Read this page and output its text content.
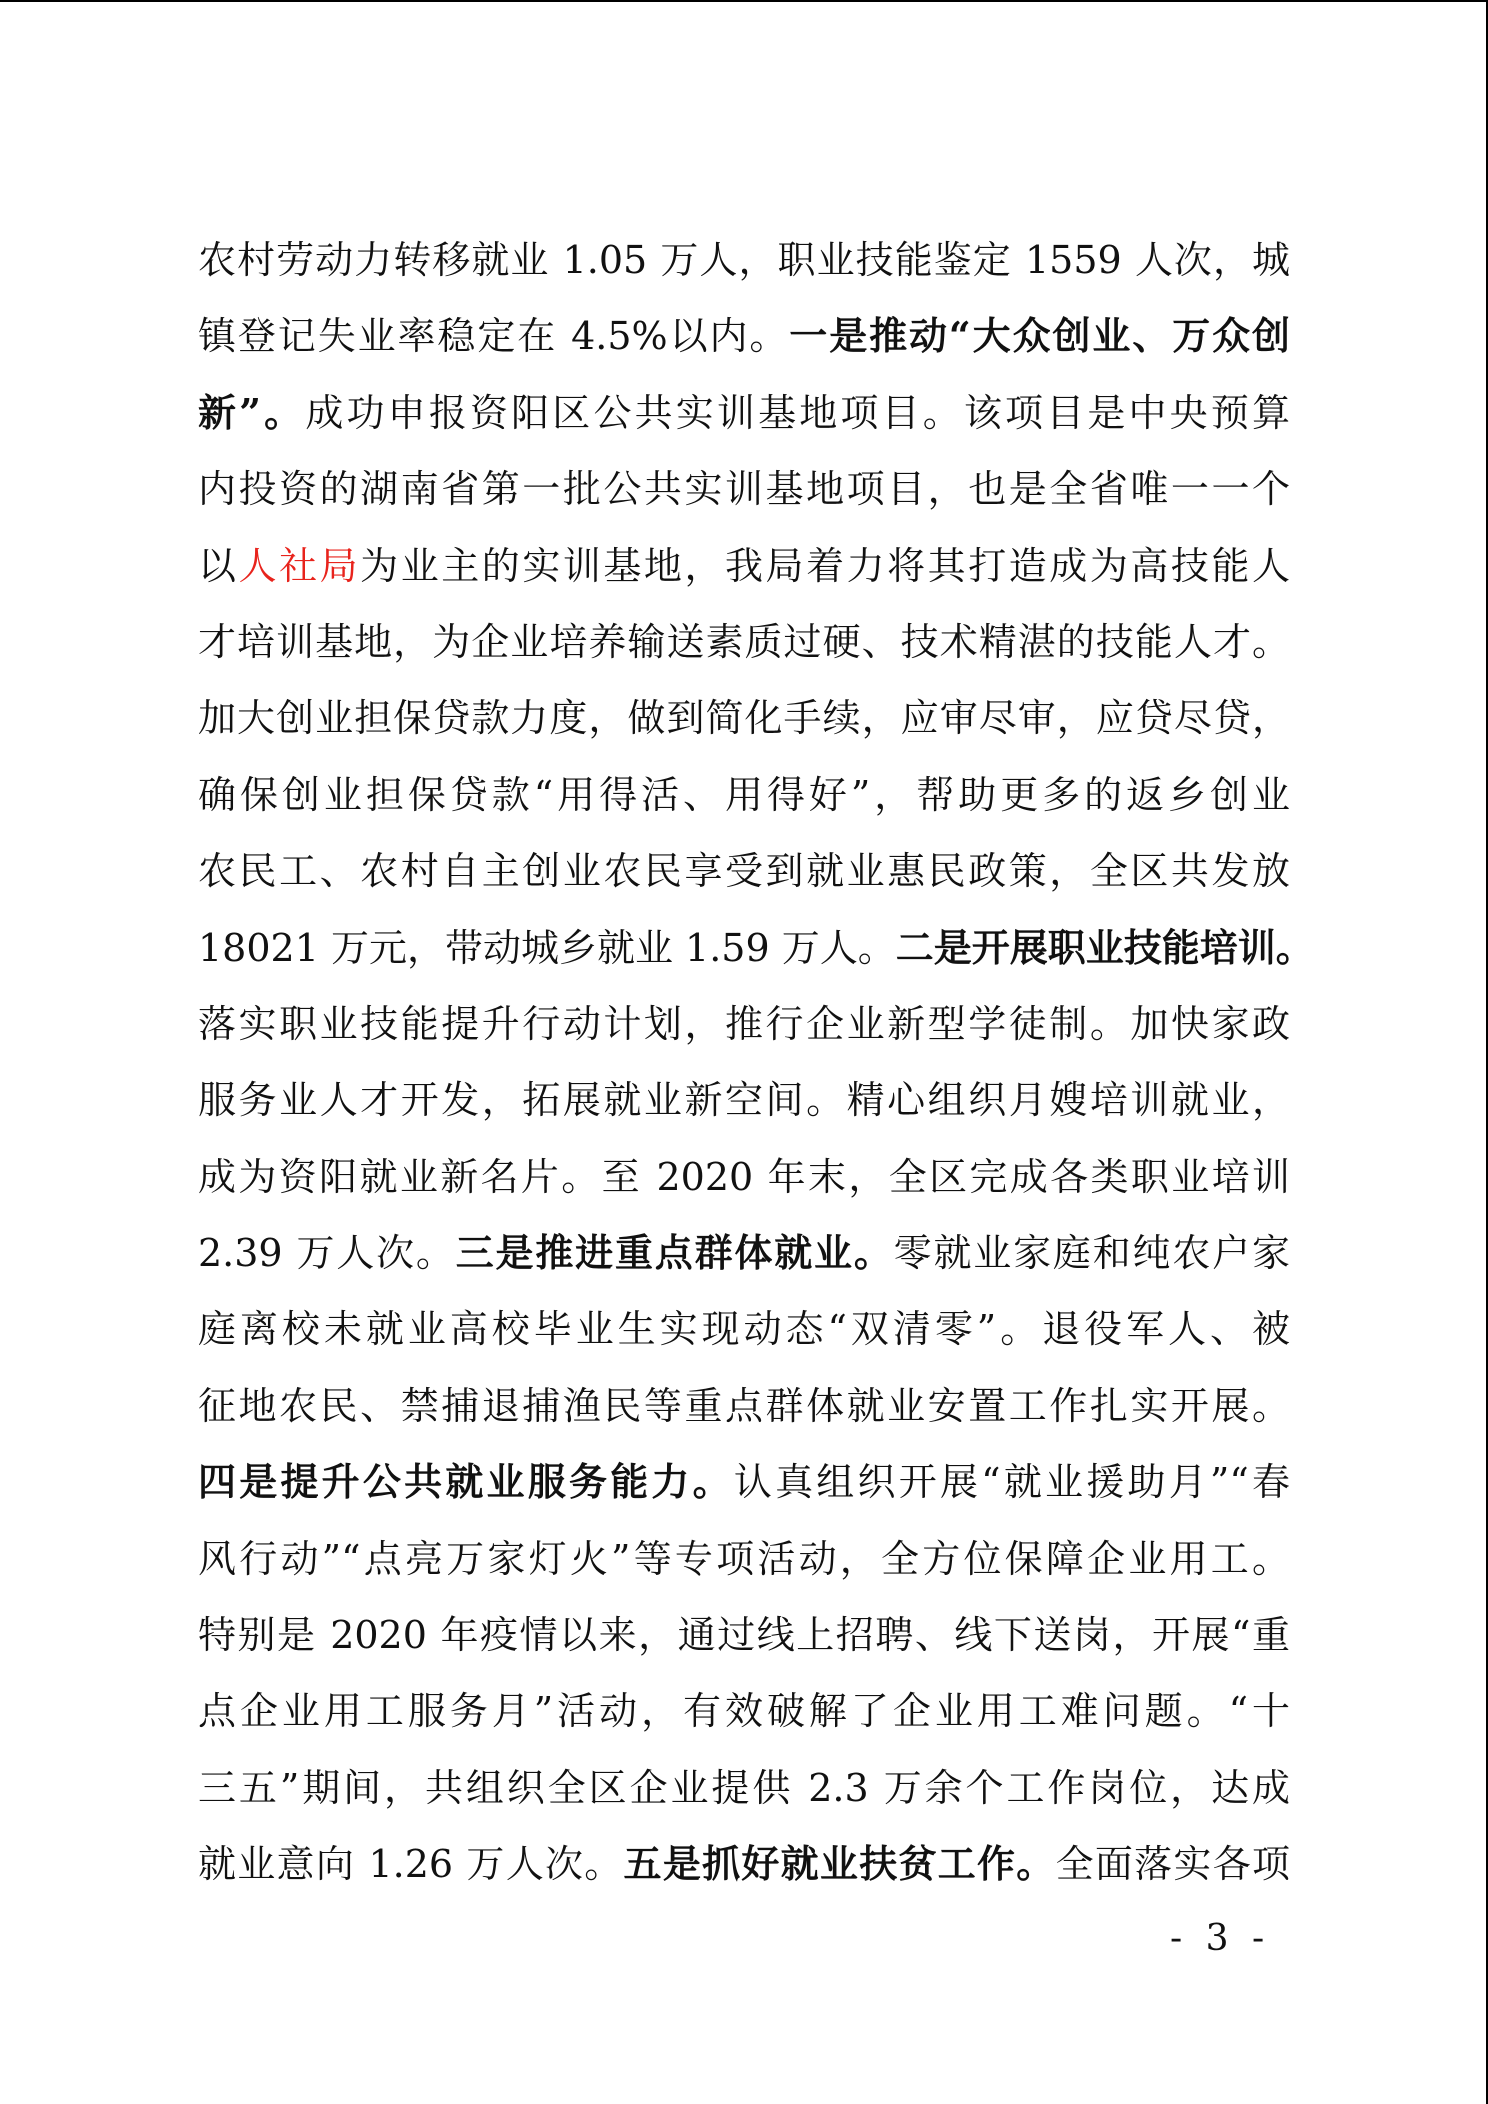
农村劳动力转移就业 1.05 万人，职业技能鉴定 1559 人次，城
镇登记失业率稳定在 4.5%以内。一是推动“大众创业、万众创
新”。成功申报资阳区公共实训基地项目。该项目是中央预算
内投资的湖南省第一批公共实训基地项目，也是全省唯一一个
以人社局为业主的实训基地，我局着力将其打造成为高技能人
才培训基地，为企业培养输送素质过硬、技术精湛的技能人才。
加大创业担保贷款力度，做到简化手续，应审尽审，应贷尽贷，
确保创业担保贷款“用得活、用得好”，帮助更多的返乡创业
农民工、农村自主创业农民享受到就业惠民政策，全区共发放
18021 万元，带动城乡就业 1.59 万人。二是开展职业技能培训。
落实职业技能提升行动计划，推行企业新型学徒制。加快家政
服务业人才开发，拓展就业新空间。精心组织月嫂培训就业，
成为资阳就业新名片。至 2020 年末，全区完成各类职业培训
2.39 万人次。三是推进重点群体就业。零就业家庭和纯农户家
庭离校未就业高校毕业生实现动态“双清零”。退役军人、被
征地农民、禁捕退捕渔民等重点群体就业安置工作扎实开展。
四是提升公共就业服务能力。认真组织开展“就业援助月”“春
风行动”“点亮万家灯火”等专项活动，全方位保障企业用工。
特别是 2020 年疫情以来，通过线上招聘、线下送岗，开展“重
点企业用工服务月”活动，有效破解了企业用工难问题。“十
三五”期间，共组织全区企业提供 2.3 万余个工作岗位，达成
就业意向 1.26 万人次。五是抓好就业扶贫工作。全面落实各项
- 3 -
